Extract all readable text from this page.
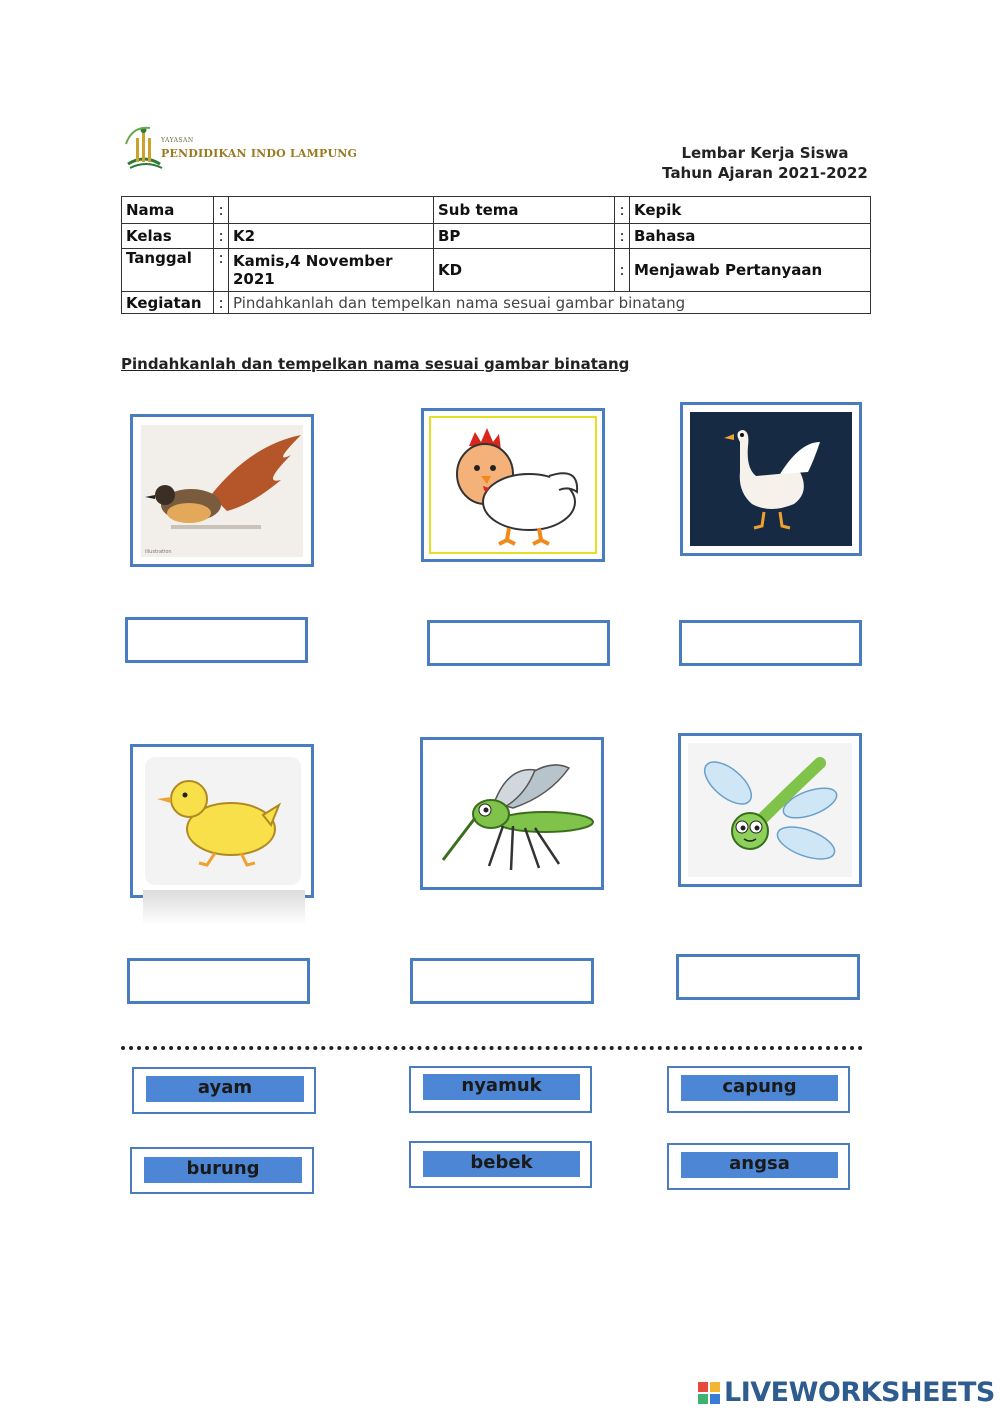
YAYASAN
PENDIDIKAN INDO LAMPUNG	Lembar Kerja Siswa
Tahun Ajaran 2021-2022
Nama	:		Sub tema	:	Kepik
Kelas	:	K2	BP	:	Bahasa
Tanggal	:	Kamis,4 November 2021	KD	:	Menjawab Pertanyaan
Kegiatan	:	Pindahkanlah dan tempelkan nama sesuai gambar binatang			
Pindahkanlah dan tempelkan nama sesuai gambar binatang
illustration
ayam	nyamuk	capung
burung	bebek	angsa
LIVEWORKSHEETS
